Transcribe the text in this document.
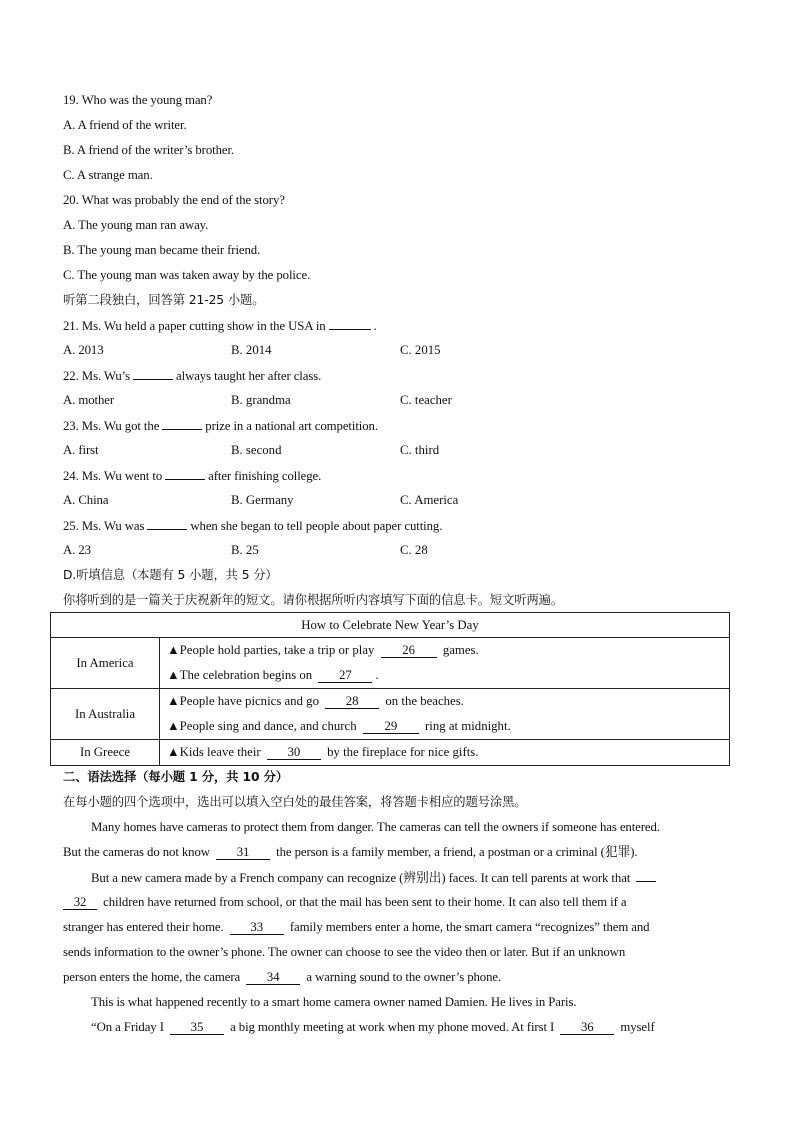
19. Who was the young man?
A. A friend of the writer.
B. A friend of the writer’s brother.
C. A strange man.
20. What was probably the end of the story?
A. The young man ran away.
B. The young man became their friend.
C. The young man was taken away by the police.
听第二段独白，回答第 21-25 小题。
21. Ms. Wu held a paper cutting show in the USA in	.
A. 2013	B. 2014	C. 2015
22. Ms. Wu’s	always taught her after class.
A. mother	B. grandma	C. teacher
23. Ms. Wu got the	prize in a national art competition.
A. first	B. second	C. third
24. Ms. Wu went to	after finishing college.
A. China	B. Germany	C. America
25. Ms. Wu was	when she began to tell people about paper cutting.
A. 23	B. 25	C. 28
D.听填信息（本题有 5 小题，共 5 分）
你将听到的是一篇关于庆祝新年的短文。请你根据所听内容填写下面的信息卡。短文听两遍。
How to Celebrate New Year’s Day	
In America	▲People hold parties, take a trip or play 26 games.
▲The celebration begins on 27 .

In Australia	▲People have picnics and go 28 on the beaches.
▲People sing and dance, and church 29 ring at midnight.

In Greece	▲Kids leave their 30 by the fireplace for nice gifts.
二、语法选择（每小题 1 分，共 10 分）
在每小题的四个选项中，选出可以填入空白处的最佳答案，将答题卡相应的题号涂黑。
Many homes have cameras to protect them from danger. The cameras can tell the owners if someone has entered.
But the cameras do not know 31 the person is a family member, a friend, a postman or a criminal (犯罪).
But a new camera made by a French company can recognize (辨别出) faces. It can tell parents at work that
32 children have returned from school, or that the mail has been sent to their home. It can also tell them if a
stranger has entered their home. 33 family members enter a home, the smart camera “recognizes” them and
sends information to the owner’s phone. The owner can choose to see the video then or later. But if an unknown
person enters the home, the camera 34 a warning sound to the owner’s phone.
This is what happened recently to a smart home camera owner named Damien. He lives in Paris.
“On a Friday I 35 a big monthly meeting at work when my phone moved. At first I 36 myself
